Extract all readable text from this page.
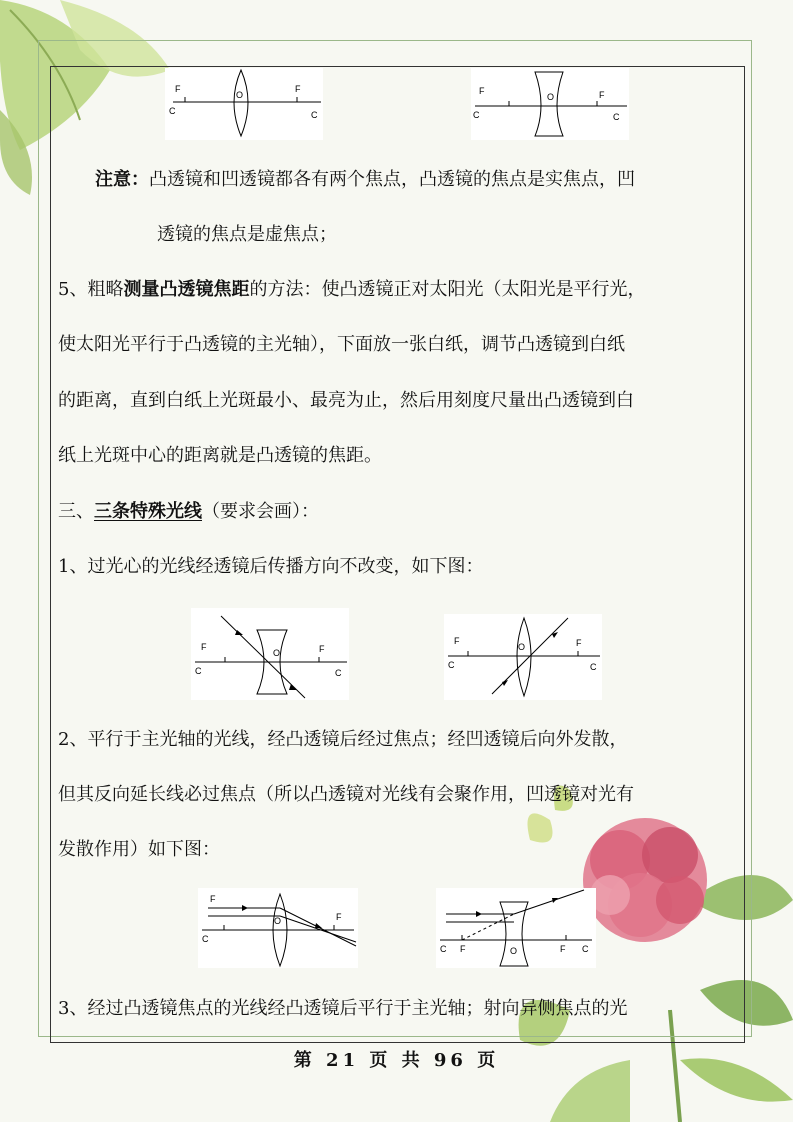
F	F
C	C
O	F	F
C	C
O
注意：凸透镜和凹透镜都各有两个焦点，凸透镜的焦点是实焦点，凹
透镜的焦点是虚焦点；
5、粗略测量凸透镜焦距的方法：使凸透镜正对太阳光（太阳光是平行光，
使太阳光平行于凸透镜的主光轴），下面放一张白纸，调节凸透镜到白纸
的距离，直到白纸上光斑最小、最亮为止，然后用刻度尺量出凸透镜到白
纸上光斑中心的距离就是凸透镜的焦距。
三、三条特殊光线（要求会画）：
1、过光心的光线经透镜后传播方向不改变，如下图：
F	F
C	C
O
F	F
C	C
O
2、平行于主光轴的光线，经凸透镜后经过焦点；经凹透镜后向外发散，
但其反向延长线必过焦点（所以凸透镜对光线有会聚作用，凹透镜对光有
发散作用）如下图：
F
F
C
O
C F	F C
O
3、经过凸透镜焦点的光线经凸透镜后平行于主光轴；射向异侧焦点的光
第 21 页 共 96 页
